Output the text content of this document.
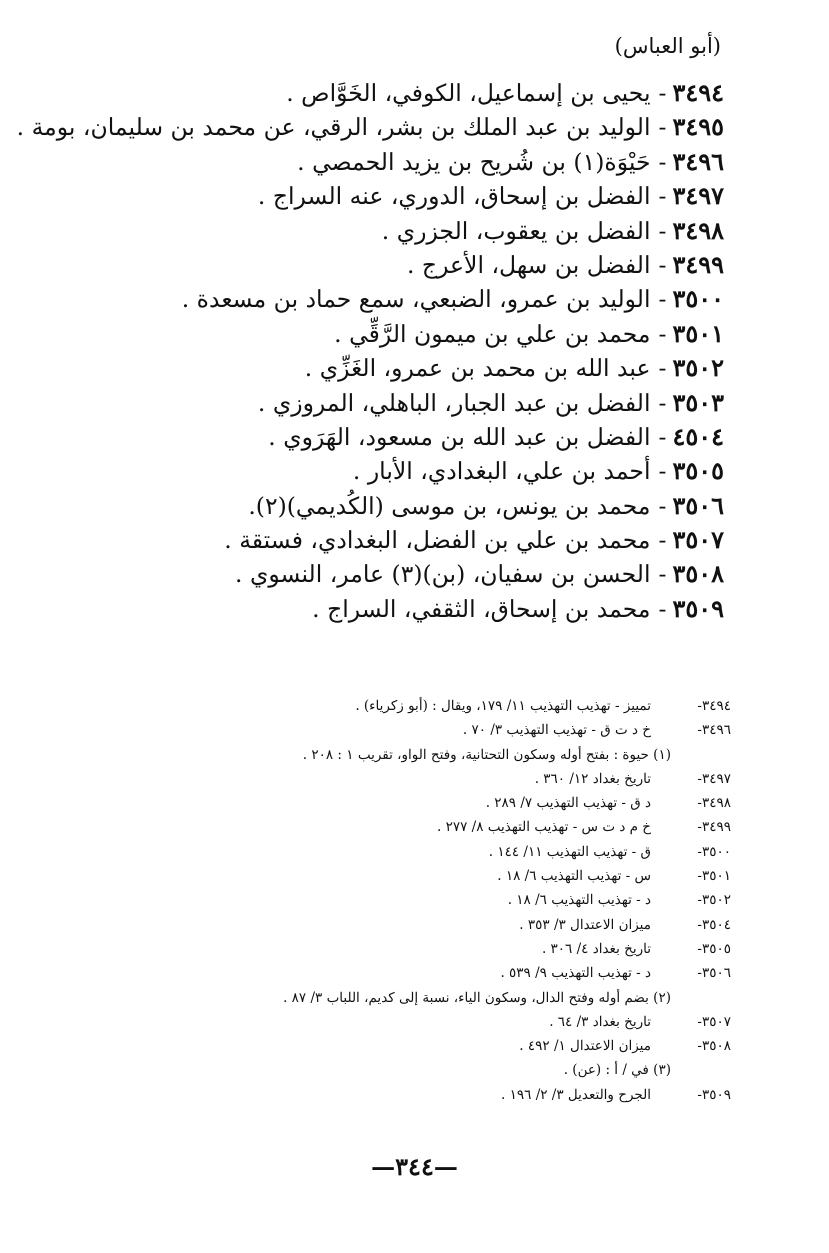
(أبو العباس)
٣٤٩٤
-
يحيى بن إسماعيل، الكوفي، الخَوَّاص .
٣٤٩٥
-
الوليد بن عبد الملك بن بشر، الرقي، عن محمد بن سليمان، بومة .
٣٤٩٦
-
حَيْوَة(١) بن شُريح بن يزيد الحمصي .
٣٤٩٧
-
الفضل بن إسحاق، الدوري، عنه السراج .
٣٤٩٨
-
الفضل بن يعقوب، الجزري .
٣٤٩٩
-
الفضل بن سهل، الأعرج .
٣٥٠٠
-
الوليد بن عمرو، الضبعي، سمع حماد بن مسعدة .
٣٥٠١
-
محمد بن علي بن ميمون الرَّقِّي .
٣٥٠٢
-
عبد الله بن محمد بن عمرو، الغَزِّي .
٣٥٠٣
-
الفضل بن عبد الجبار، الباهلي، المروزي .
٤٥٠٤
-
الفضل بن عبد الله بن مسعود، الهَرَوي .
٣٥٠٥
-
أحمد بن علي، البغدادي، الأبار .
٣٥٠٦
-
محمد بن يونس، بن موسى (الكُديمي)(٢).
٣٥٠٧
-
محمد بن علي بن الفضل، البغدادي، فستقة .
٣٥٠٨
-
الحسن بن سفيان، (بن)(٣) عامر، النسوي .
٣٥٠٩
-
محمد بن إسحاق، الثقفي، السراج .
٣٤٩٤-
تمييز - تهذيب التهذيب ١١/ ١٧٩، ويقال : (أبو زكرياء) .
٣٤٩٦-
خ د ت ق - تهذيب التهذيب ٣/ ٧٠ .
(١) حيوة : بفتح أوله وسكون التحتانية، وفتح الواو، تقريب ١ : ٢٠٨ .
٣٤٩٧-
تاريخ بغداد ١٢/ ٣٦٠ .
٣٤٩٨-
د ق - تهذيب التهذيب ٧/ ٢٨٩ .
٣٤٩٩-
خ م د ت س - تهذيب التهذيب ٨/ ٢٧٧ .
٣٥٠٠-
ق - تهذيب التهذيب ١١/ ١٤٤ .
٣٥٠١-
س - تهذيب التهذيب ٦/ ١٨ .
٣٥٠٢-
د - تهذيب التهذيب ٦/ ١٨ .
٣٥٠٤-
ميزان الاعتدال ٣/ ٣٥٣ .
٣٥٠٥-
تاريخ بغداد ٤/ ٣٠٦ .
٣٥٠٦-
د - تهذيب التهذيب ٩/ ٥٣٩ .
(٢) بضم أوله وفتح الدال، وسكون الياء، نسبة إلى كديم، اللباب ٣/ ٨٧ .
٣٥٠٧-
تاريخ بغداد ٣/ ٦٤ .
٣٥٠٨-
ميزان الاعتدال ١/ ٤٩٢ .
(٣) في / أ : (عن) .
٣٥٠٩-
الجرح والتعديل ٣/ ٢/ ١٩٦ .
—٣٤٤—
